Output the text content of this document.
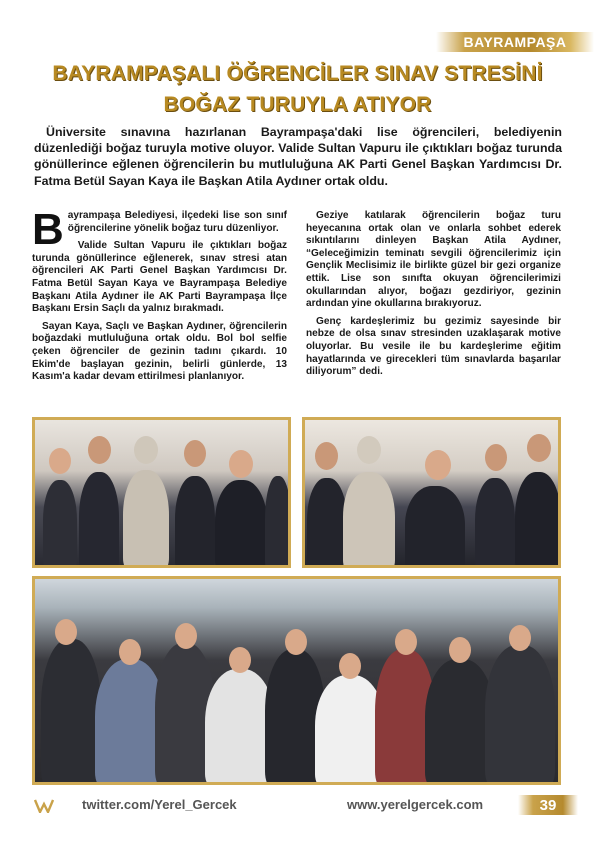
BAYRAMPAŞA
BAYRAMPAŞALI ÖĞRENCİLER SINAV STRESİNİ
BOĞAZ TURUYLA ATIYOR
Üniversite sınavına hazırlanan Bayrampaşa'daki lise öğrencileri, belediyenin düzenlediği boğaz turuyla motive oluyor. Valide Sultan Vapuru ile çıktıkları boğaz turunda gönüllerince eğlenen öğrencilerin bu mutluluğuna AK Parti Genel Başkan Yardımcısı Dr. Fatma Betül Sayan Kaya ile Başkan Atila Aydıner ortak oldu.

Bayrampaşa Belediyesi, ilçedeki lise son sınıf öğrencilerine yönelik boğaz turu düzenliyor.

Valide Sultan Vapuru ile çıktıkları boğaz turunda gönüllerince eğlenerek, sınav stresi atan öğrencileri AK Parti Genel Başkan Yardımcısı Dr. Fatma Betül Sayan Kaya ve Bayrampaşa Belediye Başkanı Atila Aydıner ile AK Parti Bayrampaşa İlçe Başkanı Ersin Saçlı da yalnız bırakmadı.

Sayan Kaya, Saçlı ve Başkan Aydıner, öğrencilerin boğazdaki mutluluğuna ortak oldu. Bol bol selfie çeken öğrenciler de gezinin tadını çıkardı. 10 Ekim'de başlayan gezinin, belirli günlerde, 13 Kasım'a kadar devam ettirilmesi planlanıyor.

Geziye katılarak öğrencilerin boğaz turu heyecanına ortak olan ve onlarla sohbet ederek sıkıntılarını dinleyen Başkan Atila Aydıner, “Geleceğimizin teminatı sevgili öğrencilerimiz için Gençlik Meclisimiz ile birlikte güzel bir gezi organize ettik. Lise son sınıfta okuyan öğrencilerimizi okullarından alıyor, boğazı gezdiriyor, gezinin ardından yine okullarına bırakıyoruz.

Genç kardeşlerimiz bu gezimiz sayesinde bir nebze de olsa sınav stresinden uzaklaşarak motive oluyorlar. Bu vesile ile bu kardeşlerime eğitim hayatlarında ve girecekleri tüm sınavlarda başarılar diliyorum” dedi.

twitter.com/Yerel_Gercek	www.yerelgercek.com	39
